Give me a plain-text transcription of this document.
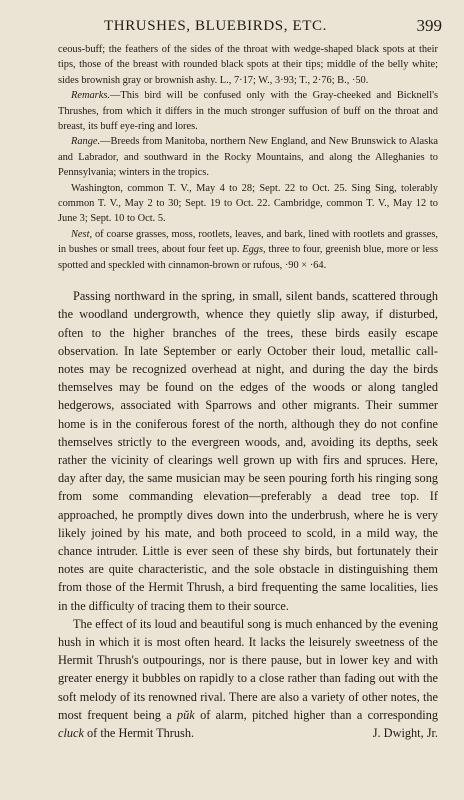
THRUSHES, BLUEBIRDS, ETC.	399

ceous-buff; the feathers of the sides of the throat with wedge-shaped black spots at their tips, those of the breast with rounded black spots at their tips; middle of the belly white; sides brownish gray or brownish ashy. L., 7·17; W., 3·93; T., 2·76; B., ·50.

Remarks.—This bird will be confused only with the Gray-cheeked and Bicknell's Thrushes, from which it differs in the much stronger suffusion of buff on the throat and breast, its buff eye-ring and lores.

Range.—Breeds from Manitoba, northern New England, and New Brunswick to Alaska and Labrador, and southward in the Rocky Mountains, and along the Alleghanies to Pennsylvania; winters in the tropics.

Washington, common T. V., May 4 to 28; Sept. 22 to Oct. 25. Sing Sing, tolerably common T. V., May 2 to 30; Sept. 19 to Oct. 22. Cambridge, common T. V., May 12 to June 3; Sept. 10 to Oct. 5.

Nest, of coarse grasses, moss, rootlets, leaves, and bark, lined with rootlets and grasses, in bushes or small trees, about four feet up. Eggs, three to four, greenish blue, more or less spotted and speckled with cinnamon-brown or rufous, ·90 × ·64.

Passing northward in the spring, in small, silent bands, scattered through the woodland undergrowth, whence they quietly slip away, if disturbed, often to the higher branches of the trees, these birds easily escape observation. In late September or early October their loud, metallic call-notes may be recognized overhead at night, and during the day the birds themselves may be found on the edges of the woods or along tangled hedgerows, associated with Sparrows and other migrants. Their summer home is in the coniferous forest of the north, although they do not confine themselves strictly to the evergreen woods, and, avoiding its depths, seek rather the vicinity of clearings well grown up with firs and spruces. Here, day after day, the same musician may be seen pouring forth his ringing song from some commanding elevation—preferably a dead tree top. If approached, he promptly dives down into the underbrush, where he is very likely joined by his mate, and both proceed to scold, in a mild way, the chance intruder. Little is ever seen of these shy birds, but fortunately their notes are quite characteristic, and the sole obstacle in distinguishing them from those of the Hermit Thrush, a bird frequenting the same localities, lies in the difficulty of tracing them to their source.

The effect of its loud and beautiful song is much enhanced by the evening hush in which it is most often heard. It lacks the leisurely sweetness of the Hermit Thrush's outpourings, nor is there pause, but in lower key and with greater energy it bubbles on rapidly to a close rather than fading out with the soft melody of its renowned rival. There are also a variety of other notes, the most frequent being a pŭk of alarm, pitched higher than a corresponding cluck of the Hermit Thrush.	J. Dwight, Jr.
